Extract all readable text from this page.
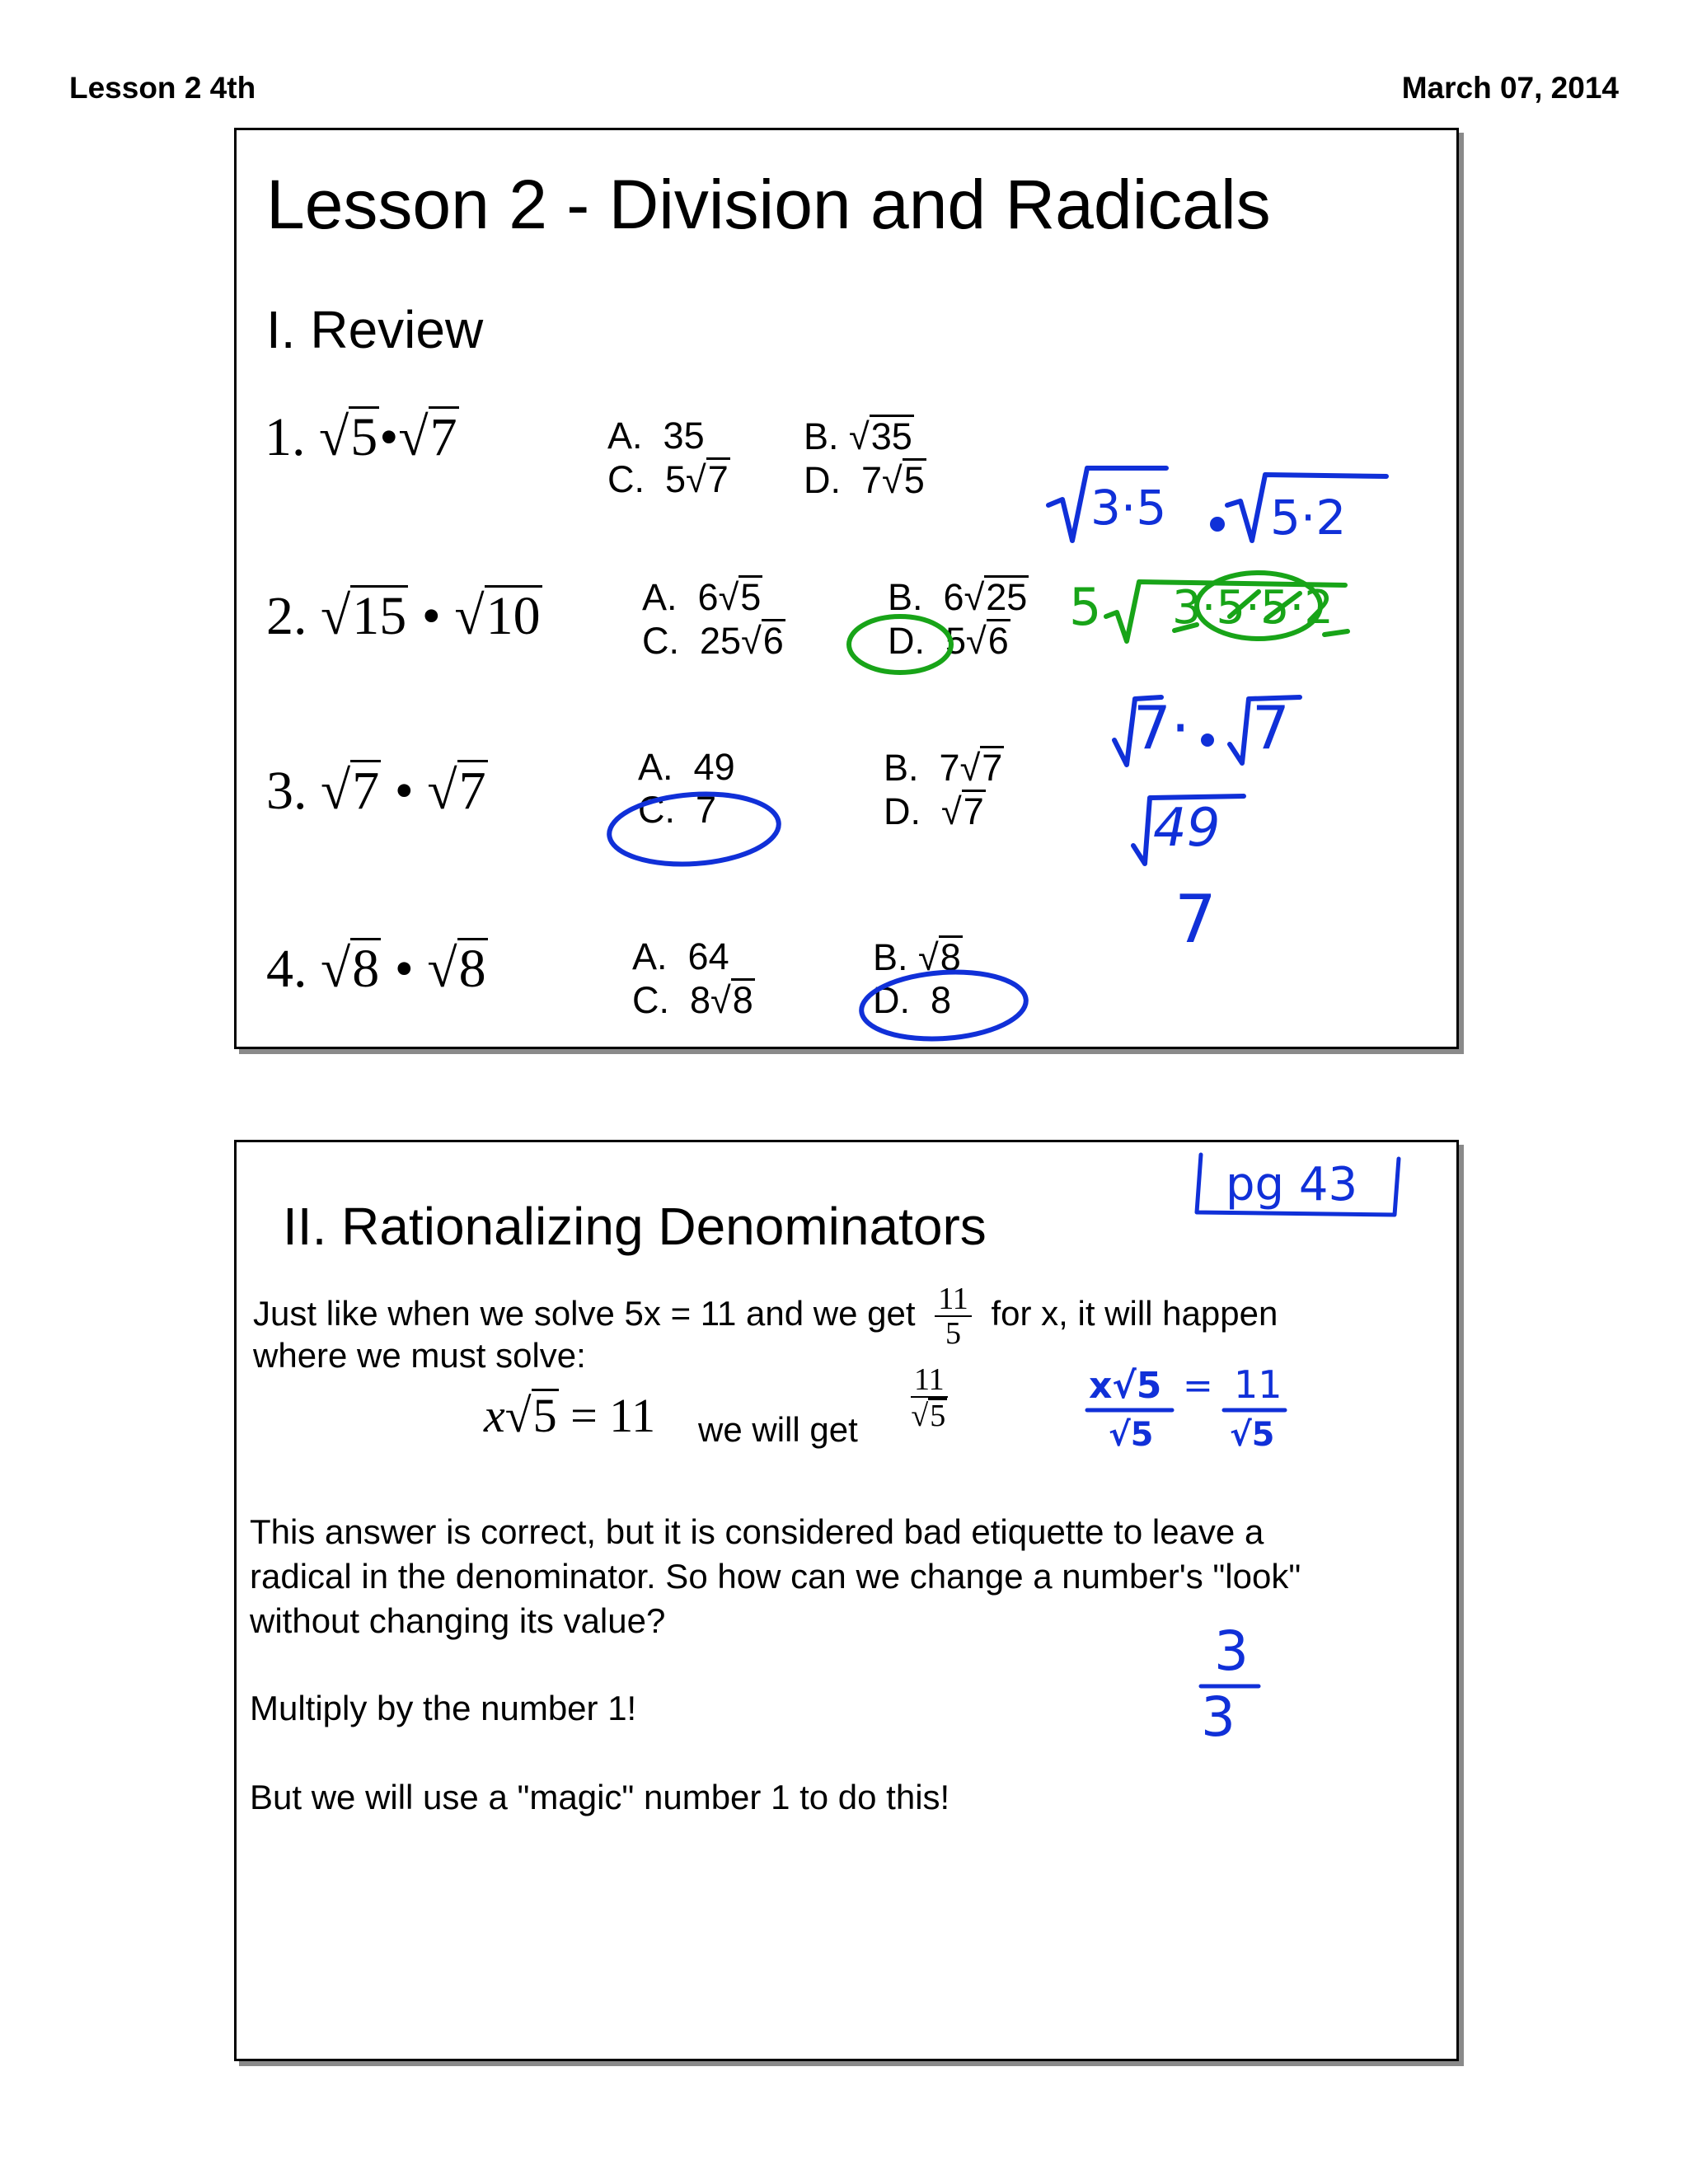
Lesson 2 4th	March 07, 2014
Lesson 2 - Division and Radicals
I. Review
1. √5•√7	A. 35
C. 5√7
B. √35
D. 7√5
2. √15 • √10	A. 6√5
C. 25√6
B. 6√25
D. 5√6
3. √7 • √7	A. 49
C. 7
B. 7√7
D. √7
4. √8 • √8	A. 64
C. 8√8
B. √8
D. 8
3·5 5·2
7· 7
49
7
5 3·5·5·2
II. Rationalizing Denominators
Just like when we solve 5x = 11 and we get $\frac{11}{5}$ for x, it will happen
where we must solve:
x√5 = 11 we will get $\frac{11}{√5}$
This answer is correct, but it is considered bad etiquette to leave a
radical in the denominator. So how can we change a number's "look"
without changing its value?
Multiply by the number 1!
But we will use a "magic" number 1 to do this!
pg 43
x√5
√5
= 11
√5
3
3
